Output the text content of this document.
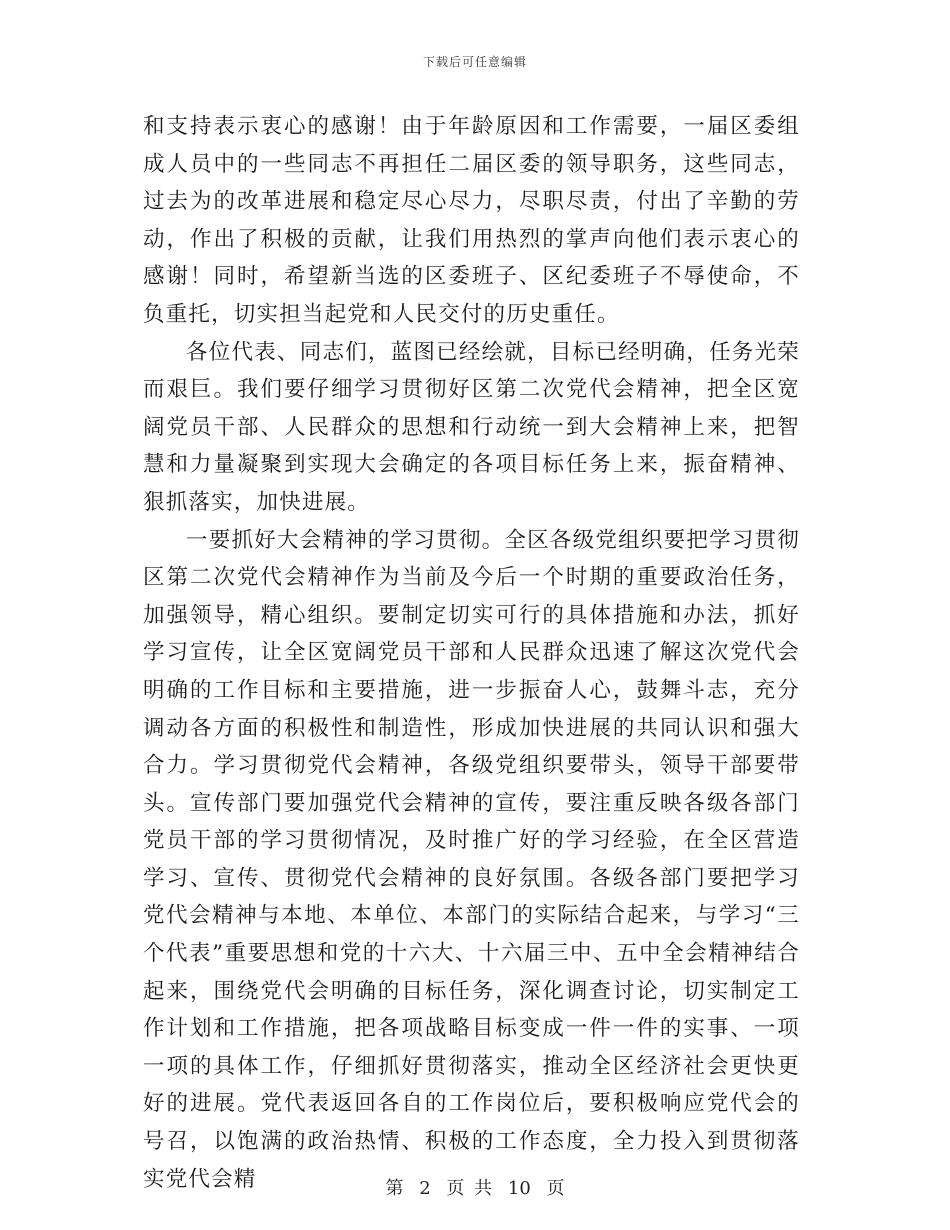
下载后可任意编辑

和支持表示衷心的感谢！由于年龄原因和工作需要，一届区委组成人员中的一些同志不再担任二届区委的领导职务，这些同志，过去为的改革进展和稳定尽心尽力，尽职尽责，付出了辛勤的劳动，作出了积极的贡献，让我们用热烈的掌声向他们表示衷心的感谢！同时，希望新当选的区委班子、区纪委班子不辱使命，不负重托，切实担当起党和人民交付的历史重任。

各位代表、同志们，蓝图已经绘就，目标已经明确，任务光荣而艰巨。我们要仔细学习贯彻好区第二次党代会精神，把全区宽阔党员干部、人民群众的思想和行动统一到大会精神上来，把智慧和力量凝聚到实现大会确定的各项目标任务上来，振奋精神、狠抓落实，加快进展。

一要抓好大会精神的学习贯彻。全区各级党组织要把学习贯彻区第二次党代会精神作为当前及今后一个时期的重要政治任务，加强领导，精心组织。要制定切实可行的具体措施和办法，抓好学习宣传，让全区宽阔党员干部和人民群众迅速了解这次党代会明确的工作目标和主要措施，进一步振奋人心，鼓舞斗志，充分调动各方面的积极性和制造性，形成加快进展的共同认识和强大合力。学习贯彻党代会精神，各级党组织要带头，领导干部要带头。宣传部门要加强党代会精神的宣传，要注重反映各级各部门党员干部的学习贯彻情况，及时推广好的学习经验，在全区营造学习、宣传、贯彻党代会精神的良好氛围。各级各部门要把学习党代会精神与本地、本单位、本部门的实际结合起来，与学习“三个代表”重要思想和党的十六大、十六届三中、五中全会精神结合起来，围绕党代会明确的目标任务，深化调查讨论，切实制定工作计划和工作措施，把各项战略目标变成一件一件的实事、一项一项的具体工作，仔细抓好贯彻落实，推动全区经济社会更快更好的进展。党代表返回各自的工作岗位后，要积极响应党代会的号召，以饱满的政治热情、积极的工作态度，全力投入到贯彻落实党代会精	第 2 页 共 10 页
